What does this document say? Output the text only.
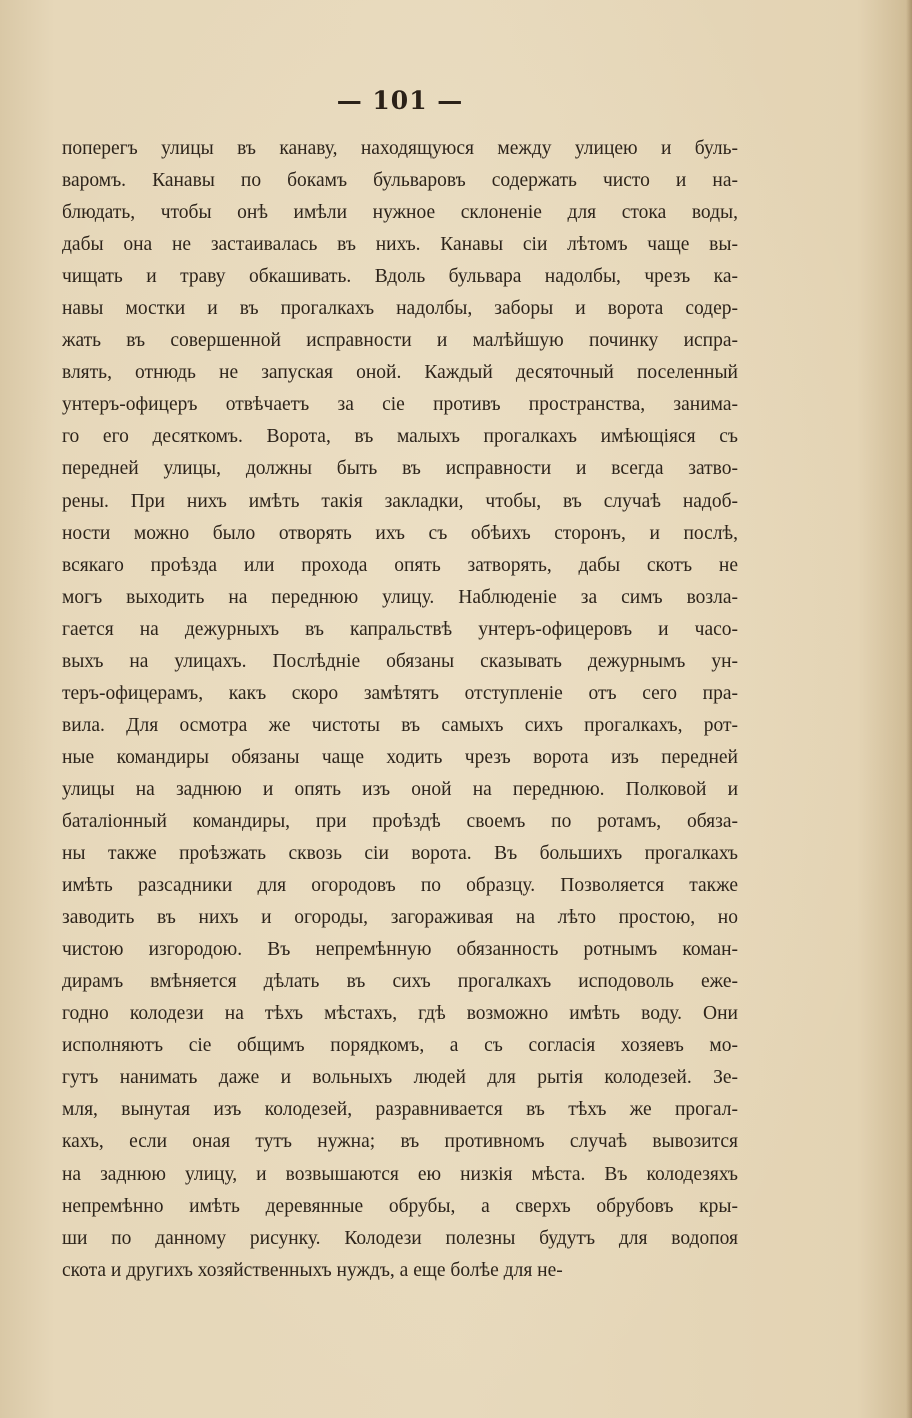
— 101 —
поперегъ улицы въ канаву, находящуюся между улицею и буль-
варомъ. Канавы по бокамъ бульваровъ содержать чисто и на-
блюдать, чтобы онѣ имѣли нужное склоненіе для стока воды,
дабы она не застаивалась въ нихъ. Канавы сіи лѣтомъ чаще вы-
чищать и траву обкашивать. Вдоль бульвара надолбы, чрезъ ка-
навы мостки и въ прогалкахъ надолбы, заборы и ворота содер-
жать въ совершенной исправности и малѣйшую починку испра-
влять, отнюдь не запуская оной. Каждый десяточный поселенный
унтеръ-офицеръ отвѣчаетъ за сіе противъ пространства, занима-
го его десяткомъ. Ворота, въ малыхъ прогалкахъ имѣющіяся съ
передней улицы, должны быть въ исправности и всегда затво-
рены. При нихъ имѣть такія закладки, чтобы, въ случаѣ надоб-
ности можно было отворять ихъ съ обѣихъ сторонъ, и послѣ,
всякаго проѣзда или прохода опять затворять, дабы скотъ не
могъ выходить на переднюю улицу. Наблюденіе за симъ возла-
гается на дежурныхъ въ капральствѣ унтеръ-офицеровъ и часо-
выхъ на улицахъ. Послѣдніе обязаны сказывать дежурнымъ ун-
теръ-офицерамъ, какъ скоро замѣтятъ отступленіе отъ сего пра-
вила. Для осмотра же чистоты въ самыхъ сихъ прогалкахъ, рот-
ные командиры обязаны чаще ходить чрезъ ворота изъ передней
улицы на заднюю и опять изъ оной на переднюю. Полковой и
баталіонный командиры, при проѣздѣ своемъ по ротамъ, обяза-
ны также проѣзжать сквозь сіи ворота. Въ большихъ прогалкахъ
имѣть разсадники для огородовъ по образцу. Позволяется также
заводить въ нихъ и огороды, загораживая на лѣто простою, но
чистою изгородою. Въ непремѣнную обязанность ротнымъ коман-
дирамъ вмѣняется дѣлать въ сихъ прогалкахъ исподоволь еже-
годно колодези на тѣхъ мѣстахъ, гдѣ возможно имѣть воду. Они
исполняютъ сіе общимъ порядкомъ, а съ согласія хозяевъ мо-
гутъ нанимать даже и вольныхъ людей для рытія колодезей. Зе-
мля, вынутая изъ колодезей, разравнивается въ тѣхъ же прогал-
кахъ, если оная тутъ нужна; въ противномъ случаѣ вывозится
на заднюю улицу, и возвышаются ею низкія мѣста. Въ колодезяхъ
непремѣнно имѣть деревянные обрубы, а сверхъ обрубовъ кры-
ши по данному рисунку. Колодези полезны будутъ для водопоя
скота и другихъ хозяйственныхъ нуждъ, а еще болѣе для не-
